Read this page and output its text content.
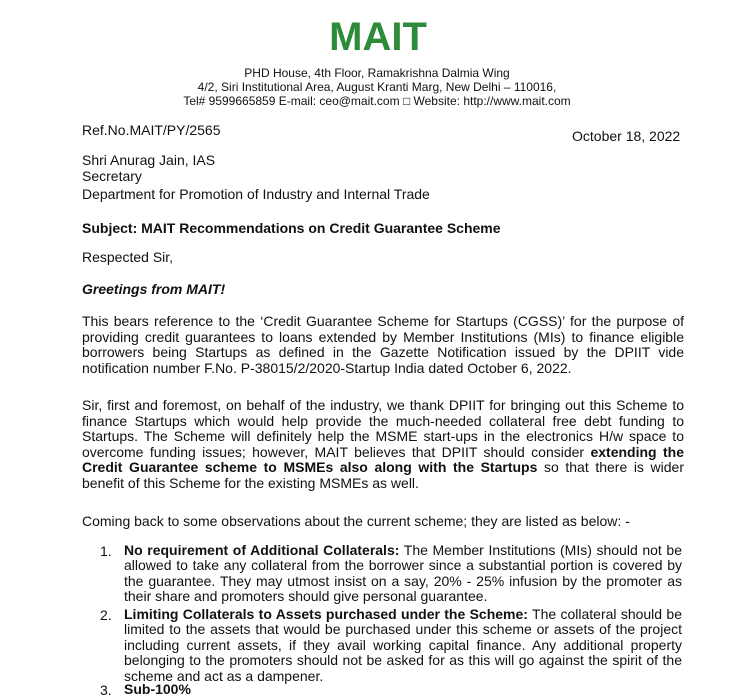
MAIT
PHD House, 4th Floor, Ramakrishna Dalmia Wing
4/2, Siri Institutional Area, August Kranti Marg, New Delhi – 110016,
Tel# 9599665859 E-mail: ceo@mait.com □ Website: http://www.mait.com
Ref.No.MAIT/PY/2565	October 18, 2022
Shri Anurag Jain, IAS
Secretary
Department for Promotion of Industry and Internal Trade
Subject: MAIT Recommendations on Credit Guarantee Scheme
Respected Sir,
Greetings from MAIT!
This bears reference to the ‘Credit Guarantee Scheme for Startups (CGSS)’ for the purpose of providing credit guarantees to loans extended by Member Institutions (MIs) to finance eligible borrowers being Startups as defined in the Gazette Notification issued by the DPIIT vide notification number F.No. P-38015/2/2020-Startup India dated October 6, 2022.
Sir, first and foremost, on behalf of the industry, we thank DPIIT for bringing out this Scheme to finance Startups which would help provide the much-needed collateral free debt funding to Startups. The Scheme will definitely help the MSME start-ups in the electronics H/w space to overcome funding issues; however, MAIT believes that DPIIT should consider extending the Credit Guarantee scheme to MSMEs also along with the Startups so that there is wider benefit of this Scheme for the existing MSMEs as well.
Coming back to some observations about the current scheme; they are listed as below: -
1. No requirement of Additional Collaterals: The Member Institutions (MIs) should not be allowed to take any collateral from the borrower since a substantial portion is covered by the guarantee. They may utmost insist on a say, 20% - 25% infusion by the promoter as their share and promoters should give personal guarantee.
2. Limiting Collaterals to Assets purchased under the Scheme: The collateral should be limited to the assets that would be purchased under this scheme or assets of the project including current assets, if they avail working capital finance. Any additional property belonging to the promoters should not be asked for as this will go against the spirit of the scheme and act as a dampener.
3. Sub-100%
